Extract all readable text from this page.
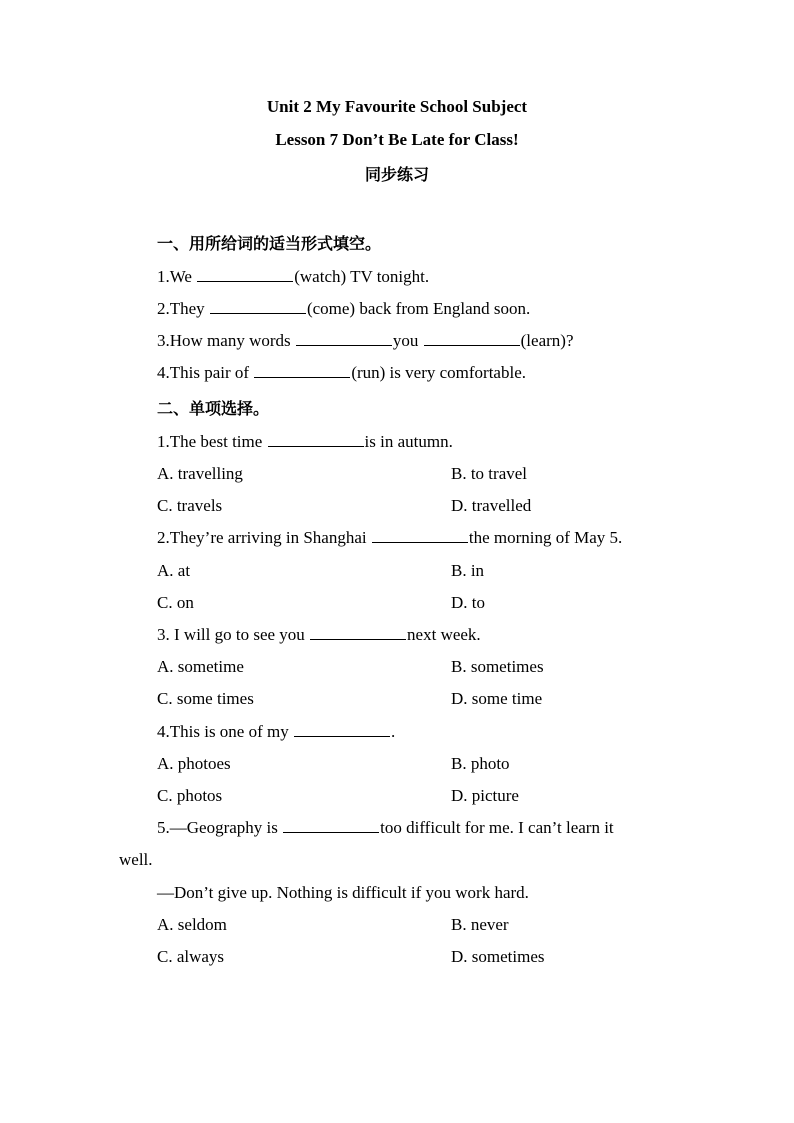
Unit 2 My Favourite School Subject
Lesson 7 Don’t Be Late for Class!
同步练习
一、用所给词的适当形式填空。
1.We	(watch) TV tonight.
2.They	(come) back from England soon.
3.How many words	you	(learn)?
4.This pair of	(run) is very comfortable.
二、单项选择。
1.The best time	is in autumn.
A. travelling	B. to travel
C. travels	D. travelled
2.They’re arriving in Shanghai	the morning of May 5.
A. at	B. in
C. on	D. to
3. I will go to see you	next week.
A. sometime	B. sometimes
C. some times	D. some time
4.This is one of my	.
A. photoes	B. photo
C. photos	D. picture
5.—Geography is	too difficult for me. I can’t learn it
well.
—Don’t give up. Nothing is difficult if you work hard.
A. seldom	B. never
C. always	D. sometimes
